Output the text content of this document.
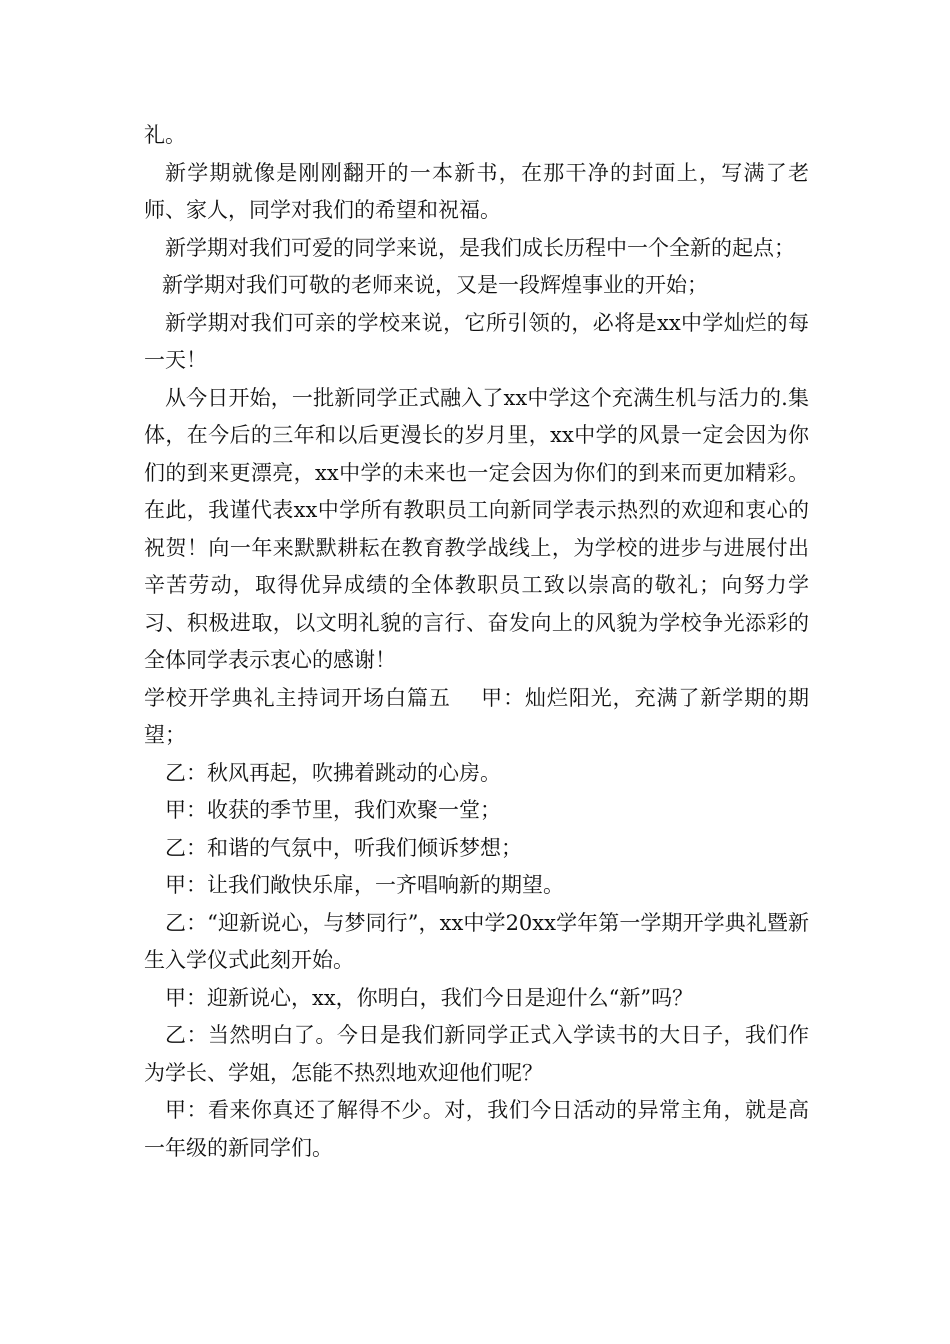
礼。

新学期就像是刚刚翻开的一本新书，在那干净的封面上，写满了老师、家人，同学对我们的希望和祝福。

新学期对我们可爱的同学来说，是我们成长历程中一个全新的起点；

新学期对我们可敬的老师来说，又是一段辉煌事业的开始；

新学期对我们可亲的学校来说，它所引领的，必将是xx中学灿烂的每一天！

从今日开始，一批新同学正式融入了xx中学这个充满生机与活力的.集体，在今后的三年和以后更漫长的岁月里，xx中学的风景一定会因为你们的到来更漂亮，xx中学的未来也一定会因为你们的到来而更加精彩。在此，我谨代表xx中学所有教职员工向新同学表示热烈的欢迎和衷心的祝贺！向一年来默默耕耘在教育教学战线上，为学校的进步与进展付出辛苦劳动，取得优异成绩的全体教职员工致以崇高的敬礼；向努力学习、积极进取，以文明礼貌的言行、奋发向上的风貌为学校争光添彩的全体同学表示衷心的感谢！

学校开学典礼主持词开场白篇五    甲：灿烂阳光，充满了新学期的期望；

乙：秋风再起，吹拂着跳动的心房。

甲：收获的季节里，我们欢聚一堂；

乙：和谐的气氛中，听我们倾诉梦想；

甲：让我们敞快乐扉，一齐唱响新的期望。

乙：“迎新说心，与梦同行”，xx中学20xx学年第一学期开学典礼暨新生入学仪式此刻开始。

甲：迎新说心，xx，你明白，我们今日是迎什么“新”吗？

乙：当然明白了。今日是我们新同学正式入学读书的大日子，我们作为学长、学姐，怎能不热烈地欢迎他们呢？

甲：看来你真还了解得不少。对，我们今日活动的异常主角，就是高一年级的新同学们。
